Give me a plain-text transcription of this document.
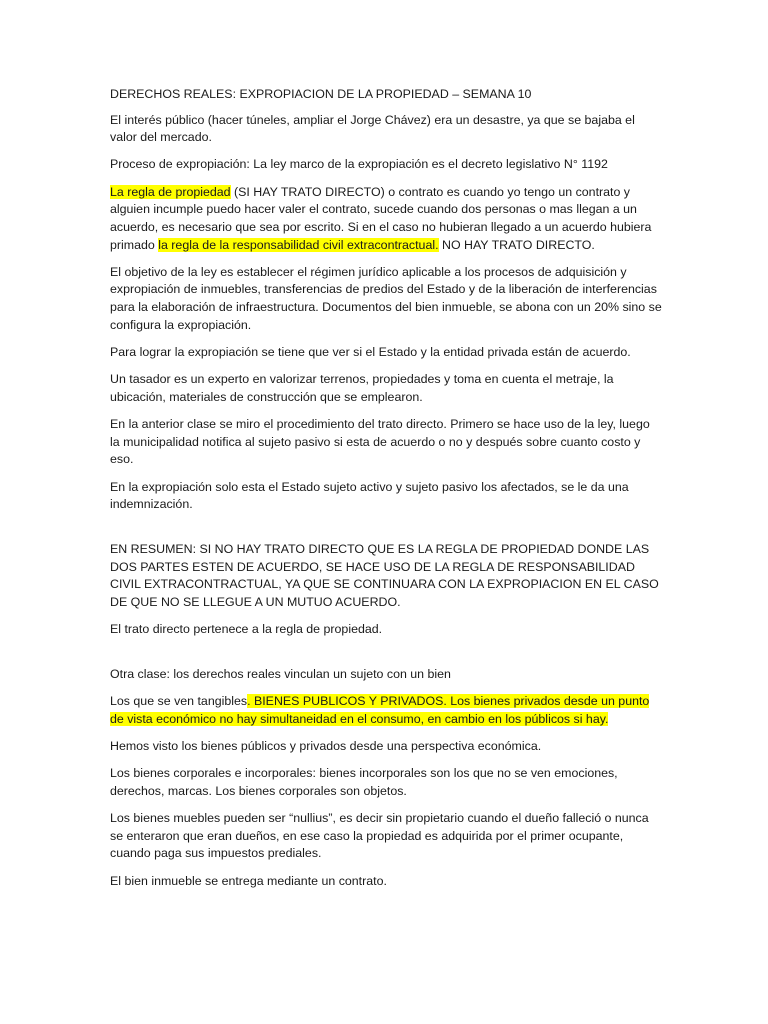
DERECHOS REALES: EXPROPIACION DE LA PROPIEDAD – SEMANA 10

El interés público (hacer túneles, ampliar el Jorge Chávez) era un desastre, ya que se bajaba el valor del mercado.

Proceso de expropiación: La ley marco de la expropiación es el decreto legislativo N° 1192

La regla de propiedad (SI HAY TRATO DIRECTO) o contrato es cuando yo tengo un contrato y alguien incumple puedo hacer valer el contrato, sucede cuando dos personas o mas llegan a un acuerdo, es necesario que sea por escrito. Si en el caso no hubieran llegado a un acuerdo hubiera primado la regla de la responsabilidad civil extracontractual. NO HAY TRATO DIRECTO.

El objetivo de la ley es establecer el régimen jurídico aplicable a los procesos de adquisición y expropiación de inmuebles, transferencias de predios del Estado y de la liberación de interferencias para la elaboración de infraestructura. Documentos del bien inmueble, se abona con un 20% sino se configura la expropiación.

Para lograr la expropiación se tiene que ver si el Estado y la entidad privada están de acuerdo.

Un tasador es un experto en valorizar terrenos, propiedades y toma en cuenta el metraje, la ubicación, materiales de construcción que se emplearon.

En la anterior clase se miro el procedimiento del trato directo. Primero se hace uso de la ley, luego la municipalidad notifica al sujeto pasivo si esta de acuerdo o no y después sobre cuanto costo y eso.

En la expropiación solo esta el Estado sujeto activo y sujeto pasivo los afectados, se le da una indemnización.

EN RESUMEN: SI NO HAY TRATO DIRECTO QUE ES LA REGLA DE PROPIEDAD DONDE LAS DOS PARTES ESTEN DE ACUERDO, SE HACE USO DE LA REGLA DE RESPONSABILIDAD CIVIL EXTRACONTRACTUAL, YA QUE SE CONTINUARA CON LA EXPROPIACION EN EL CASO DE QUE NO SE LLEGUE A UN MUTUO ACUERDO.

El trato directo pertenece a la regla de propiedad.

Otra clase: los derechos reales vinculan un sujeto con un bien

Los que se ven tangibles. BIENES PUBLICOS Y PRIVADOS. Los bienes privados desde un punto de vista económico no hay simultaneidad en el consumo, en cambio en los públicos si hay.

Hemos visto los bienes públicos y privados desde una perspectiva económica.

Los bienes corporales e incorporales: bienes incorporales son los que no se ven emociones, derechos, marcas. Los bienes corporales son objetos.

Los bienes muebles pueden ser “nullius”, es decir sin propietario cuando el dueño falleció o nunca se enteraron que eran dueños, en ese caso la propiedad es adquirida por el primer ocupante, cuando paga sus impuestos prediales.

El bien inmueble se entrega mediante un contrato.
